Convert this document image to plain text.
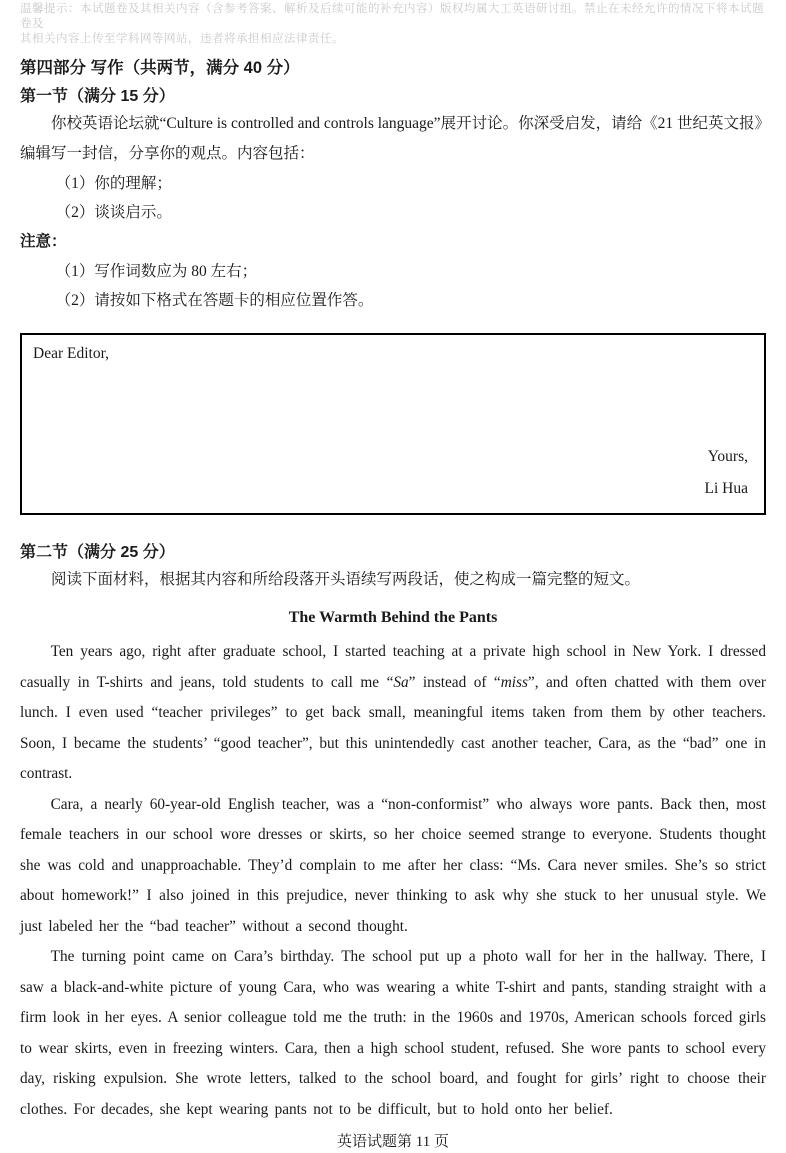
温馨提示：本试题卷及其相关内容（含参考答案、解析及后续可能的补充内容）版权均属大工英语研讨组。禁止在未经允许的情况下将本试题卷及
其相关内容上传至学科网等网站，违者将承担相应法律责任。
第四部分 写作（共两节，满分 40 分）
第一节（满分 15 分）

你校英语论坛就“Culture is controlled and controls language”展开讨论。你深受启发，请给《21 世纪英文报》编辑写一封信，分享你的观点。内容包括：

（1）你的理解；

（2）谈谈启示。

注意：

（1）写作词数应为 80 左右；

（2）请按如下格式在答题卡的相应位置作答。

Dear Editor,

Yours,

Li Hua

第二节（满分 25 分）

阅读下面材料，根据其内容和所给段落开头语续写两段话，使之构成一篇完整的短文。

The Warmth Behind the Pants

Ten years ago, right after graduate school, I started teaching at a private high school in New York. I dressed casually in T-shirts and jeans, told students to call me “Sa” instead of “miss”, and often chatted with them over lunch. I even used “teacher privileges” to get back small, meaningful items taken from them by other teachers. Soon, I became the students’ “good teacher”, but this unintendedly cast another teacher, Cara, as the “bad” one in contrast.

Cara, a nearly 60-year-old English teacher, was a “non-conformist” who always wore pants. Back then, most female teachers in our school wore dresses or skirts, so her choice seemed strange to everyone. Students thought she was cold and unapproachable. They’d complain to me after her class: “Ms. Cara never smiles. She’s so strict about homework!” I also joined in this prejudice, never thinking to ask why she stuck to her unusual style. We just labeled her the “bad teacher” without a second thought.

The turning point came on Cara’s birthday. The school put up a photo wall for her in the hallway. There, I saw a black-and-white picture of young Cara, who was wearing a white T-shirt and pants, standing straight with a firm look in her eyes. A senior colleague told me the truth: in the 1960s and 1970s, American schools forced girls to wear skirts, even in freezing winters. Cara, then a high school student, refused. She wore pants to school every day, risking expulsion. She wrote letters, talked to the school board, and fought for girls’ right to choose their clothes. For decades, she kept wearing pants not to be difficult, but to hold onto her belief.

英语试题第 11 页
